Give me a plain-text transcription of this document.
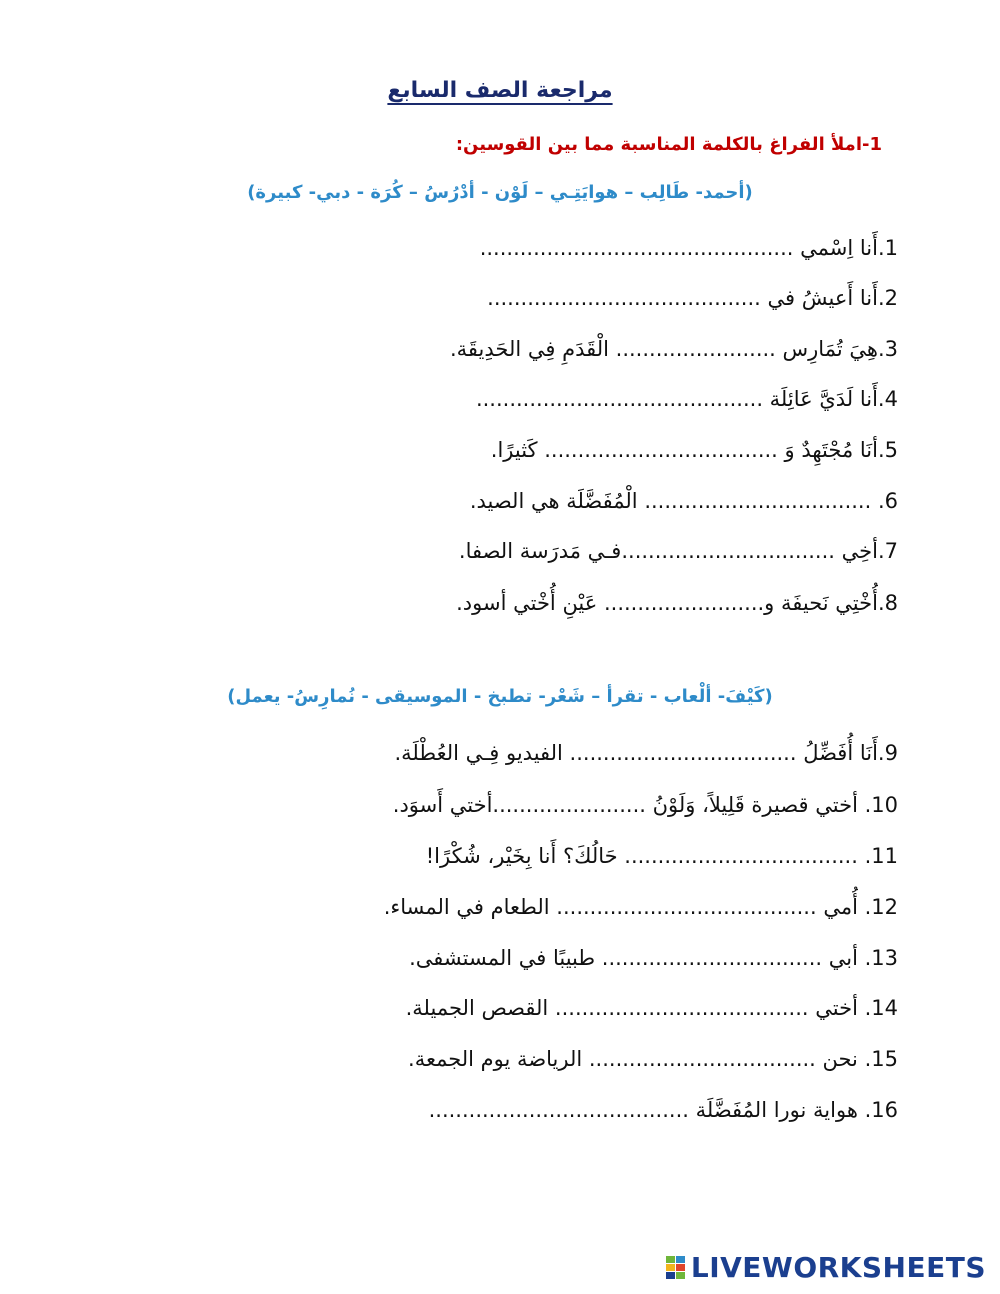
مراجعة الصف السابع
1-املأ الفراغ بالكلمة المناسبة مما بين القوسين:
(أحمد- طَالِب – هوايَتِـي – لَوْن - أدْرُسُ – كُرَة - دبي- كبيرة)
1.أَنا اِسْمي ...............................................
2.أَنا أَعيشُ في .........................................
3.هِيَ تُمَارِس ........................ الْقَدَمِ فِي الحَدِيقَة.
4.أَنا لَدَيَّ عَائِلَة ...........................................
5.أنَا مُجْتَهِدٌ وَ ................................... كَثيرًا.
6. .................................. الْمُفَضَّلَة هي الصيد.
7.أخِي ................................فـي مَدرَسة الصفا.
8.أُخْتِي نَحيفَة و........................ عَيْنِ أُخْتي أسود.
(كَيْفَ- ألْعاب - تقرأ – شَعْر- تطبخ - الموسيقى - نُمارِسُ- يعمل)
9.أَنَا أُفَضِّلُ .................................. الفيديو فِـي العُطْلَة.
10. أختي قصيرة قَلِيلاً، وَلَوْنُ .......................أختي أَسوَد.
11. ................................... حَالُكَ؟ أَنا بِخَيْر، شُكْرًا!
12. أُمي ....................................... الطعام في المساء.
13. أبي ................................. طبيبًا في المستشفى.
14. أختي ...................................... القصص الجميلة.
15. نحن .................................. الرياضة يوم الجمعة.
16. هواية نورا المُفَضَّلَة .......................................
LIVEWORKSHEETS
